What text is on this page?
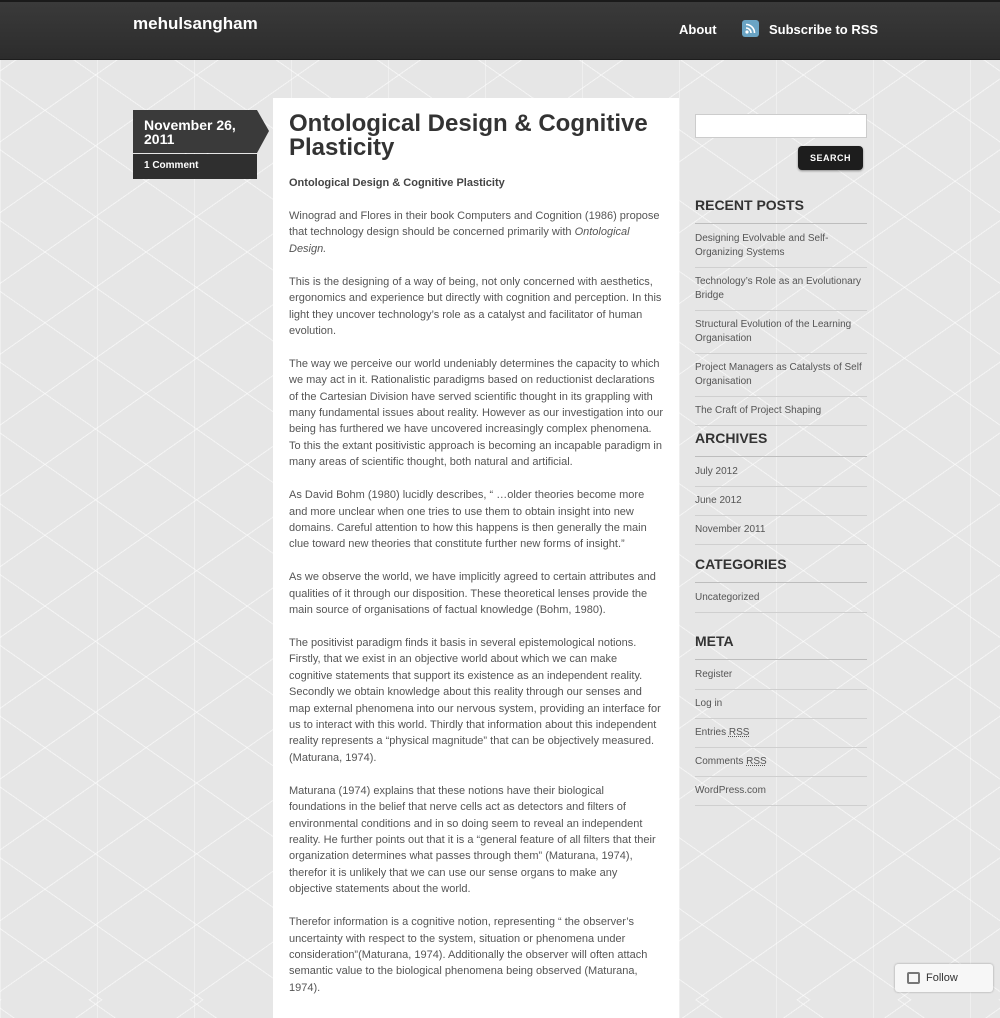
mehulsangham	About	Subscribe to RSS
November 26, 2011
1 Comment
Ontological Design & Cognitive Plasticity

Ontological Design & Cognitive Plasticity

Winograd and Flores in their book Computers and Cognition (1986) propose that technology design should be concerned primarily with Ontological Design.

This is the designing of a way of being, not only concerned with aesthetics, ergonomics and experience but directly with cognition and perception. In this light they uncover technology’s role as a catalyst and facilitator of human evolution.

The way we perceive our world undeniably determines the capacity to which we may act in it. Rationalistic paradigms based on reductionist declarations of the Cartesian Division have served scientific thought in its grappling with many fundamental issues about reality. However as our investigation into our being has furthered we have uncovered increasingly complex phenomena. To this the extant positivistic approach is becoming an incapable paradigm in many areas of scientific thought, both natural and artificial.

As David Bohm (1980) lucidly describes, “ …older theories become more and more unclear when one tries to use them to obtain insight into new domains. Careful attention to how this happens is then generally the main clue toward new theories that constitute further new forms of insight.”

As we observe the world, we have implicitly agreed to certain attributes and qualities of it through our disposition. These theoretical lenses provide the main source of organisations of factual knowledge (Bohm, 1980).

The positivist paradigm finds it basis in several epistemological notions. Firstly, that we exist in an objective world about which we can make cognitive statements that support its existence as an independent reality. Secondly we obtain knowledge about this reality through our senses and map external phenomena into our nervous system, providing an interface for us to interact with this world. Thirdly that information about this independent reality represents a “physical magnitude” that can be objectively measured. (Maturana, 1974).

Maturana (1974) explains that these notions have their biological foundations in the belief that nerve cells act as detectors and filters of environmental conditions and in so doing seem to reveal an independent reality. He further points out that it is a “general feature of all filters that their organization determines what passes through them” (Maturana, 1974), therefor it is unlikely that we can use our sense organs to make any objective statements about the world.

Therefor information is a cognitive notion, representing “ the observer’s uncertainty with respect to the system, situation or phenomena under consideration”(Maturana, 1974). Additionally the observer will often attach semantic value to the biological phenomena being observed (Maturana, 1974).

SEARCH
RECENT POSTS
Designing Evolvable and Self-Organizing Systems
Technology’s Role as an Evolutionary Bridge
Structural Evolution of the Learning Organisation
Project Managers as Catalysts of Self Organisation
The Craft of Project Shaping
ARCHIVES
July 2012
June 2012
November 2011
CATEGORIES
Uncategorized
META
Register
Log in
Entries RSS
Comments RSS
WordPress.com
Follow
